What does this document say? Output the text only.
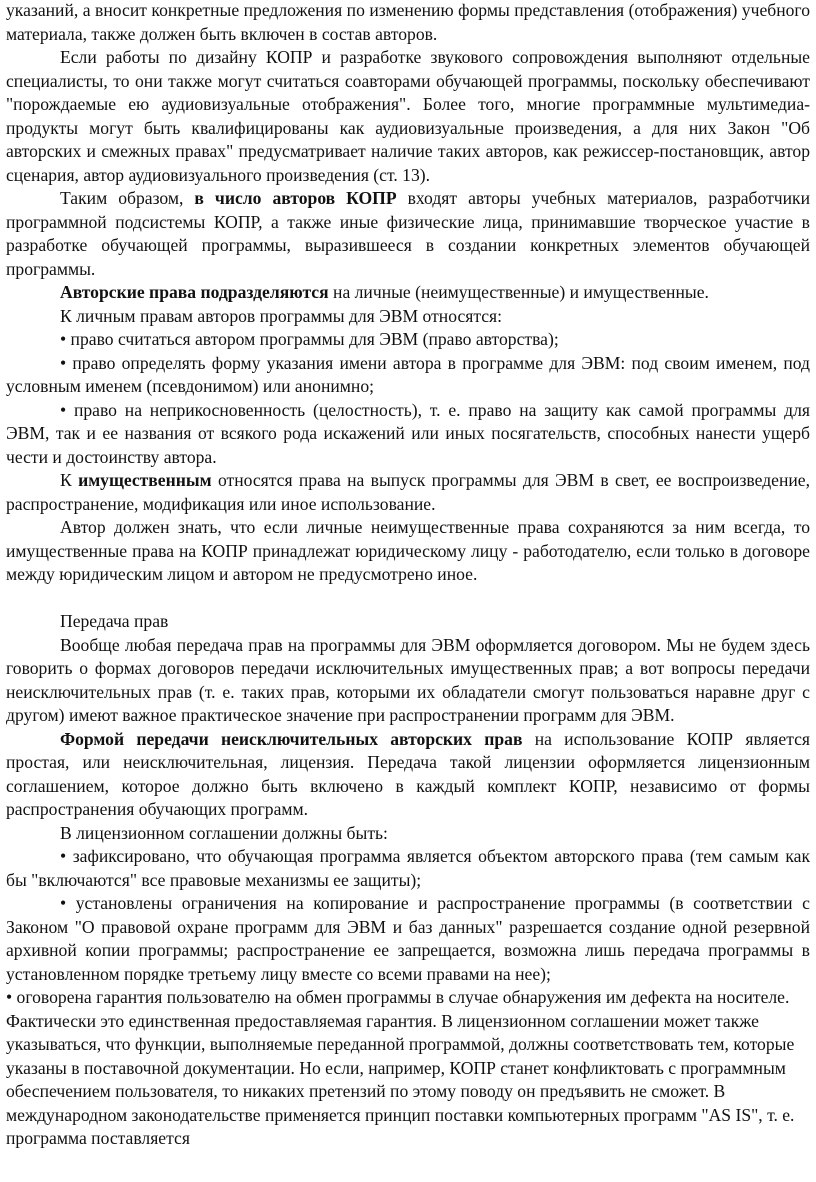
указаний, а вносит конкретные предложения по изменению формы представления (отображения) учебного материала, также должен быть включен в состав авторов.

Если работы по дизайну КОПР и разработке звукового сопровождения выполняют отдельные специалисты, то они также могут считаться соавторами обучающей программы, поскольку обеспечивают "порождаемые ею аудиовизуальные отображения". Более того, многие программные мультимедиа-продукты могут быть квалифицированы как аудиовизуальные произведения, а для них Закон "Об авторских и смежных правах" предусматривает наличие таких авторов, как режиссер-постановщик, автор сценария, автор аудиовизуального произведения (ст. 13).

Таким образом, в число авторов КОПР входят авторы учебных материалов, разработчики программной подсистемы КОПР, а также иные физические лица, принимавшие творческое участие в разработке обучающей программы, выразившееся в создании конкретных элементов обучающей программы.

Авторские права подразделяются на личные (неимущественные) и имущественные.

К личным правам авторов программы для ЭВМ относятся:

• право считаться автором программы для ЭВМ (право авторства);

• право определять форму указания имени автора в программе для ЭВМ: под своим именем, под условным именем (псевдонимом) или анонимно;

• право на неприкосновенность (целостность), т. е. право на защиту как самой программы для ЭВМ, так и ее названия от всякого рода искажений или иных посягательств, способных нанести ущерб чести и достоинству автора.

К имущественным относятся права на выпуск программы для ЭВМ в свет, ее воспроизведение, распространение, модификация или иное использование.

Автор должен знать, что если личные неимущественные права сохраняются за ним всегда, то имущественные права на КОПР принадлежат юридическому лицу - работодателю, если только в договоре между юридическим лицом и автором не предусмотрено иное.

Передача прав

Вообще любая передача прав на программы для ЭВМ оформляется договором. Мы не будем здесь говорить о формах договоров передачи исключительных имущественных прав; а вот вопросы передачи неисключительных прав (т. е. таких прав, которыми их обладатели смогут пользоваться наравне друг с другом) имеют важное практическое значение при распространении программ для ЭВМ.

Формой передачи неисключительных авторских прав на использование КОПР является простая, или неисключительная, лицензия. Передача такой лицензии оформляется лицензионным соглашением, которое должно быть включено в каждый комплект КОПР, независимо от формы распространения обучающих программ.

В лицензионном соглашении должны быть:

• зафиксировано, что обучающая программа является объектом авторского права (тем самым как бы "включаются" все правовые механизмы ее защиты);

• установлены ограничения на копирование и распространение программы (в соответствии с Законом "О правовой охране программ для ЭВМ и баз данных" разрешается создание одной резервной архивной копии программы; распространение ее запрещается, возможна лишь передача программы в установленном порядке третьему лицу вместе со всеми правами на нее);

• оговорена гарантия пользователю на обмен программы в случае обнаружения им дефекта на носителе. Фактически это единственная предоставляемая гарантия. В лицензионном соглашении может также указываться, что функции, выполняемые переданной программой, должны соответствовать тем, которые указаны в поставочной документации. Но если, например, КОПР станет конфликтовать с программным обеспечением пользователя, то никаких претензий по этому поводу он предъявить не сможет. В международном законодательстве применяется принцип поставки компьютерных программ "AS IS", т. е. программа поставляется
